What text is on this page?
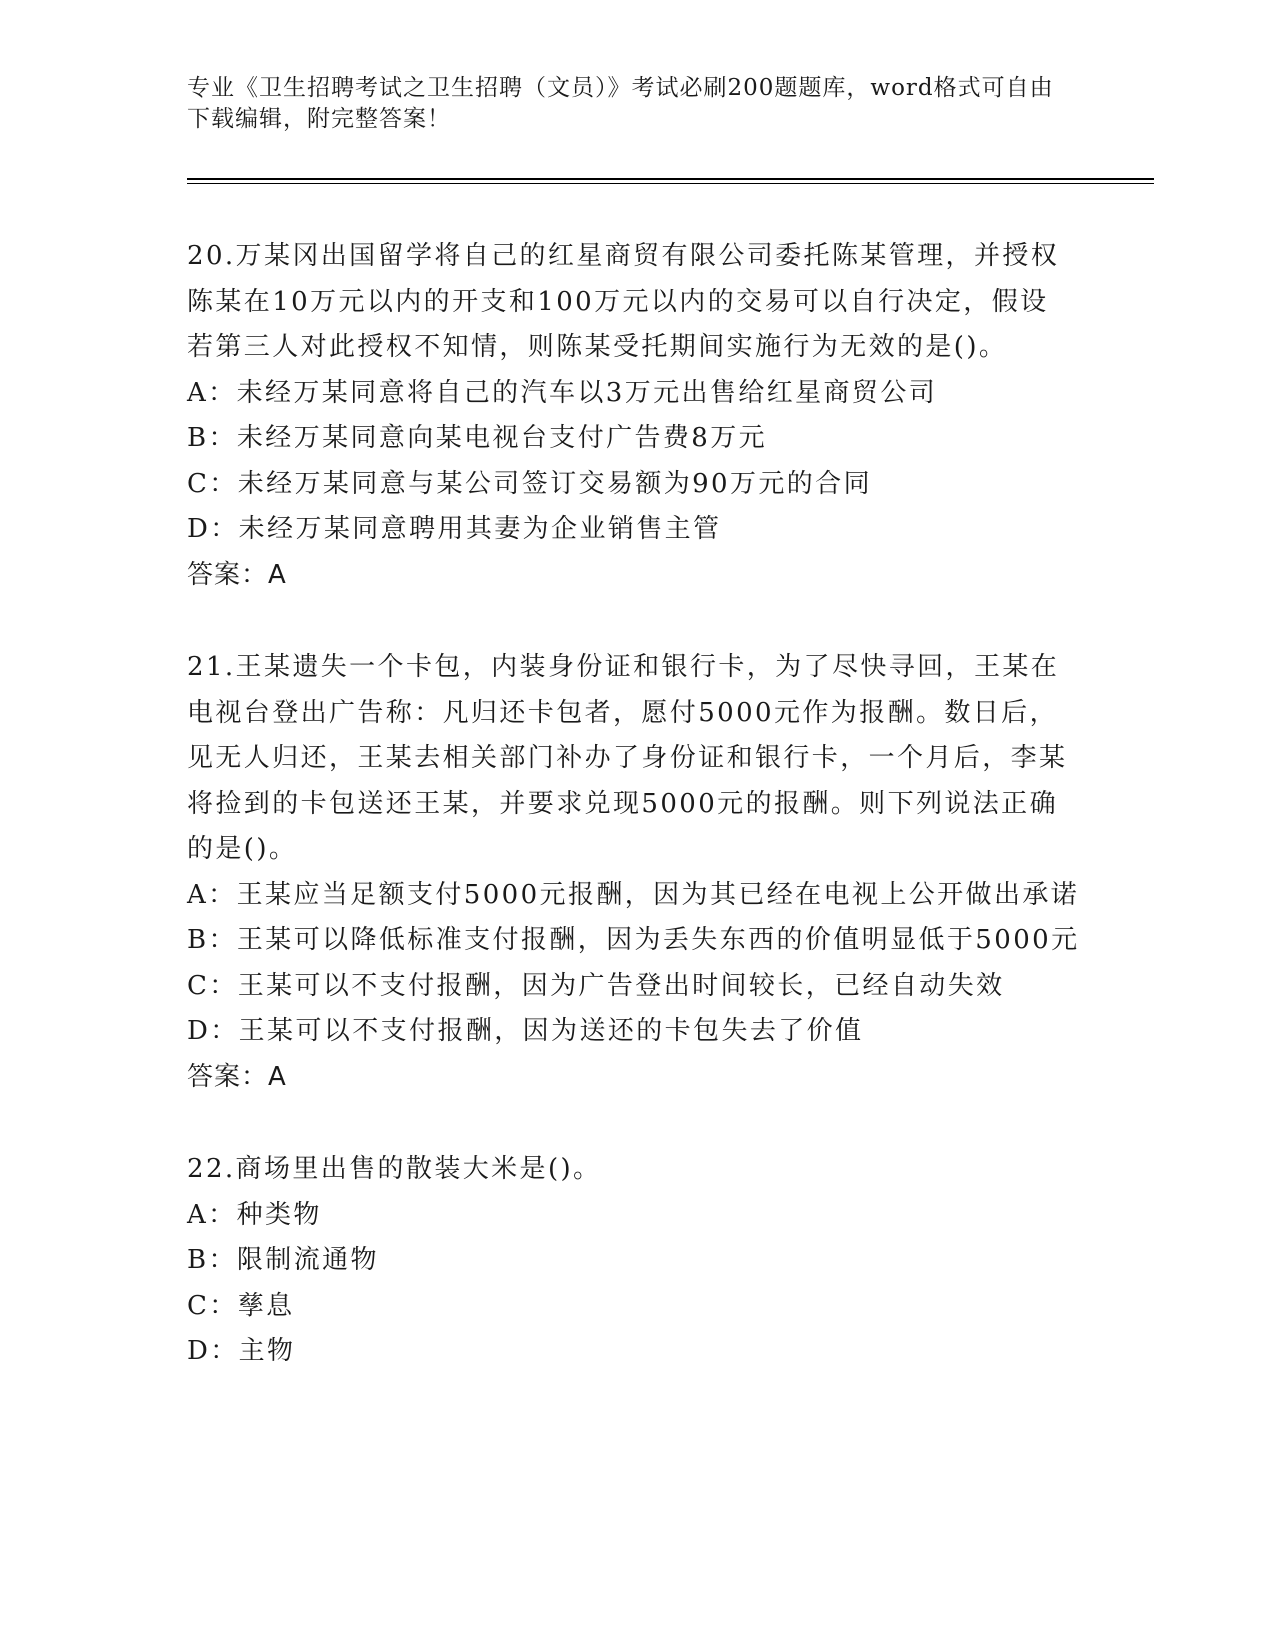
专业《卫生招聘考试之卫生招聘（文员）》考试必刷200题题库，word格式可自由下载编辑，附完整答案！
20.万某冈出国留学将自己的红星商贸有限公司委托陈某管理，并授权陈某在10万元以内的开支和100万元以内的交易可以自行决定，假设若第三人对此授权不知情，则陈某受托期间实施行为无效的是()。
A：未经万某同意将自己的汽车以3万元出售给红星商贸公司
B：未经万某同意向某电视台支付广告费8万元
C：未经万某同意与某公司签订交易额为90万元的合同
D：未经万某同意聘用其妻为企业销售主管
答案：A
21.王某遗失一个卡包，内装身份证和银行卡，为了尽快寻回，王某在电视台登出广告称：凡归还卡包者，愿付5000元作为报酬。数日后，见无人归还，王某去相关部门补办了身份证和银行卡，一个月后，李某将捡到的卡包送还王某，并要求兑现5000元的报酬。则下列说法正确的是()。
A：王某应当足额支付5000元报酬，因为其已经在电视上公开做出承诺
B：王某可以降低标准支付报酬，因为丢失东西的价值明显低于5000元
C：王某可以不支付报酬，因为广告登出时间较长，已经自动失效
D：王某可以不支付报酬，因为送还的卡包失去了价值
答案：A
22.商场里出售的散装大米是()。
A：种类物
B：限制流通物
C：孳息
D：主物
